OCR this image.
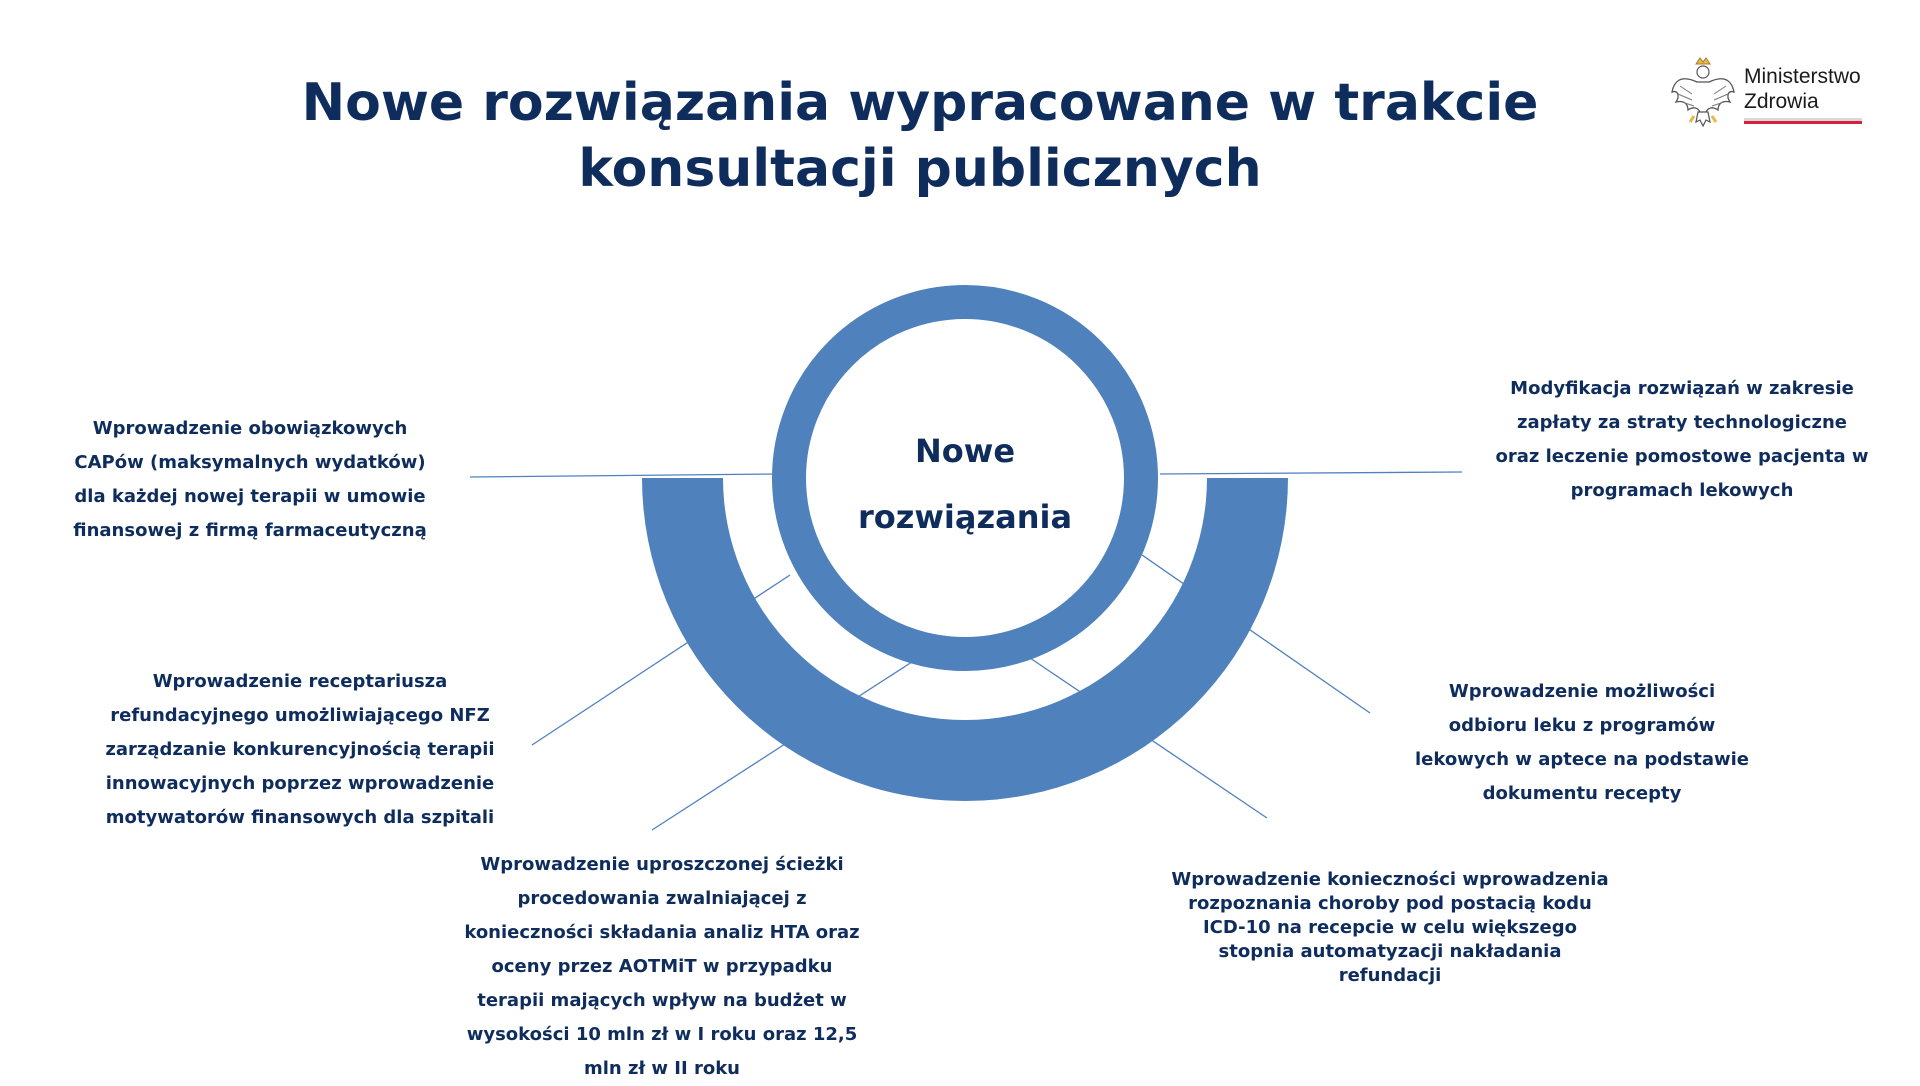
Nowe rozwiązania wypracowane w trakcie konsultacji publicznych
Ministerstwo
Zdrowia
Nowe
rozwiązania
Wprowadzenie obowiązkowych CAPów (maksymalnych wydatków) dla każdej nowej terapii w umowie finansowej z firmą farmaceutyczną
Wprowadzenie receptariusza refundacyjnego umożliwiającego NFZ zarządzanie konkurencyjnością terapii innowacyjnych poprzez wprowadzenie motywatorów finansowych dla szpitali
Wprowadzenie uproszczonej ścieżki procedowania zwalniającej z konieczności składania analiz HTA oraz oceny przez AOTMiT w przypadku terapii mających wpływ na budżet w wysokości 10 mln zł w I roku oraz 12,5 mln zł w II roku
Wprowadzenie konieczności wprowadzenia rozpoznania choroby pod postacią kodu ICD-10 na recepcie w celu większego stopnia automatyzacji nakładania refundacji
Wprowadzenie możliwości odbioru leku z programów lekowych w aptece na podstawie dokumentu recepty
Modyfikacja rozwiązań w zakresie zapłaty za straty technologiczne oraz leczenie pomostowe pacjenta w programach lekowych
